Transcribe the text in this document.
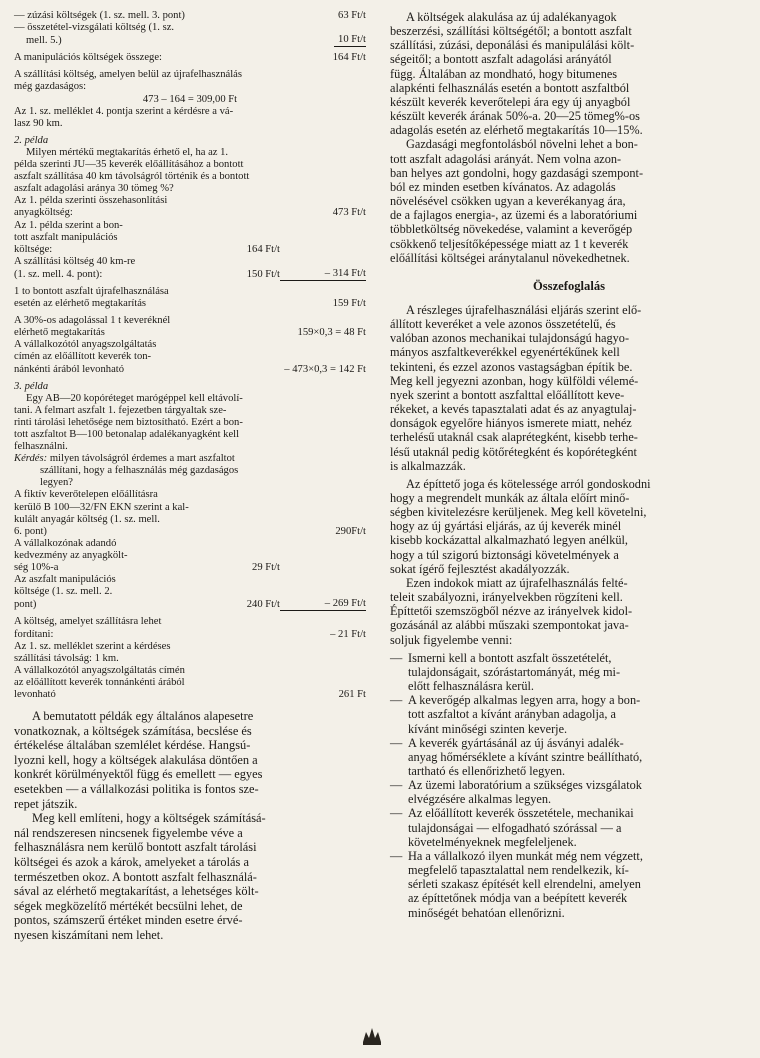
— zúzási költségek (1. sz. mell. 3. pont)	63 Ft/t
— összetétel-vizsgálati költség (1. sz.
mell. 5.)	10 Ft/t
A manipulációs költségek összege:	164 Ft/t
A szállítási költség, amelyen belül az újrafelhasználás
még gazdaságos:
473 – 164 = 309,00 Ft
Az 1. sz. melléklet 4. pontja szerint a kérdésre a vá-
lasz 90 km.
2. példa
Milyen mértékű megtakarítás érhető el, ha az 1.
példa szerinti JU—35 keverék előállításához a bontott
aszfalt szállítása 40 km távolságról történik és a bontott
aszfalt adagolási aránya 30 tömeg %?
Az 1. példa szerinti összehasonlítási
anyagköltség:	473 Ft/t
Az 1. példa szerint a bon-
tott aszfalt manipulációs
költsége:	164 Ft/t
A szállítási költség 40 km-re
(1. sz. mell. 4. pont):	150 Ft/t	– 314 Ft/t
1 to bontott aszfalt újrafelhasználása
esetén az elérhető megtakarítás	159 Ft/t
A 30%-os adagolással 1 t keveréknél
elérhető megtakarítás	159×0,3 = 48 Ft
A vállalkozótól anyagszolgáltatás
címén az előállított keverék ton-
nánkénti árából levonható	– 473×0,3 = 142 Ft
3. példa
Egy AB—20 kopóréteget marógéppel kell eltávolí-
tani. A felmart aszfalt 1. fejezetben tárgyaltak sze-
rinti tárolási lehetősége nem biztosítható. Ezért a bon-
tott aszfaltot B—100 betonalap adalékanyagként kell
felhasználni.
Kérdés: milyen távolságról érdemes a mart aszfaltot
szállítani, hogy a felhasználás még gazdaságos
legyen?
A fiktív keverőtelepen előállításra
kerülő B 100—32/FN ÉKN szerint a kal-
kulált anyagár költség (1. sz. mell.
6. pont)	290Ft/t
A vállalkozónak adandó
kedvezmény az anyagkölt-
ség 10%-a	29 Ft/t
Az aszfalt manipulációs
költsége (1. sz. mell. 2.
pont)	240 Ft/t	– 269 Ft/t
A költség, amelyet szállításra lehet
fordítani:	– 21 Ft/t
Az 1. sz. melléklet szerint a kérdéses
szállítási távolság: 1 km.
A vállalkozótól anyagszolgáltatás címén
az előállított keverék tonnánkénti árából
levonható	261 Ft
A bemutatott példák egy általános alapesetre
vonatkoznak, a költségek számítása, becslése és
értékelése általában szemlélet kérdése. Hangsú-
lyozni kell, hogy a költségek alakulása döntően a
konkrét körülményektől függ és emellett — egyes
esetekben — a vállalkozási politika is fontos sze-
repet játszik.
Meg kell említeni, hogy a költségek számításá-
nál rendszeresen nincsenek figyelembe véve a
felhasználásra nem kerülő bontott aszfalt tárolási
költségei és azok a károk, amelyeket a tárolás a
természetben okoz. A bontott aszfalt felhasználá-
sával az elérhető megtakarítást, a lehetséges költ-
ségek megközelítő mértékét becsülni lehet, de
pontos, számszerű értéket minden esetre érvé-
nyesen kiszámítani nem lehet.
A költségek alakulása az új adalékanyagok
beszerzési, szállítási költségétől; a bontott aszfalt
szállítási, zúzási, deponálási és manipulálási költ-
ségeitől; a bontott aszfalt adagolási arányától
függ. Általában az mondható, hogy bitumenes
alapkénti felhasználás esetén a bontott aszfaltból
készült keverék keverőtelepi ára egy új anyagból
készült keverék árának 50%-a. 20—25 tömeg%-os
adagolás esetén az elérhető megtakarítás 10—15%.
Gazdasági megfontolásból növelni lehet a bon-
tott aszfalt adagolási arányát. Nem volna azon-
ban helyes azt gondolni, hogy gazdasági szempont-
ból ez minden esetben kívánatos. Az adagolás
növelésével csökken ugyan a keverékanyag ára,
de a fajlagos energia-, az üzemi és a laboratóriumi
többletköltség növekedése, valamint a keverőgép
csökkenő teljesítőképessége miatt az 1 t keverék
előállítási költségei aránytalanul növekedhetnek.
Összefoglalás
A részleges újrafelhasználási eljárás szerint elő-
állított keveréket a vele azonos összetételű, és
valóban azonos mechanikai tulajdonságú hagyo-
mányos aszfaltkeverékkel egyenértékűnek kell
tekinteni, és ezzel azonos vastagságban építik be.
Meg kell jegyezni azonban, hogy külföldi vélemé-
nyek szerint a bontott aszfalttal előállított keve-
rékeket, a kevés tapasztalati adat és az anyagtulaj-
donságok egyelőre hiányos ismerete miatt, nehéz
terhelésű utaknál csak alaprétegként, kisebb terhe-
lésű utaknál pedig kötőrétegként és kopórétegként
is alkalmazzák.
Az építtető joga és kötelessége arról gondoskodni
hogy a megrendelt munkák az általa előírt minő-
ségben kivitelezésre kerüljenek. Meg kell követelni,
hogy az új gyártási eljárás, az új keverék minél
kisebb kockázattal alkalmazható legyen anélkül,
hogy a túl szigorú biztonsági követelmények a
sokat ígérő fejlesztést akadályozzák.
Ezen indokok miatt az újrafelhasználás felté-
teleit szabályozni, irányelvekben rögzíteni kell.
Építtetői szemszögből nézve az irányelvek kidol-
gozásánál az alábbi műszaki szempontokat java-
soljuk figyelembe venni:
— Ismerni kell a bontott aszfalt összetételét,
tulajdonságait, szórástartományát, még mi-
előtt felhasználásra kerül.
— A keverőgép alkalmas legyen arra, hogy a bon-
tott aszfaltot a kívánt arányban adagolja, a
kívánt minőségi szinten keverje.
— A keverék gyártásánál az új ásványi adalék-
anyag hőmérséklete a kívánt szintre beállítható,
tartható és ellenőrizhető legyen.
— Az üzemi laboratórium a szükséges vizsgálatok
elvégzésére alkalmas legyen.
— Az előállított keverék összetétele, mechanikai
tulajdonságai — elfogadható szórással — a
követelményeknek megfeleljenek.
— Ha a vállalkozó ilyen munkát még nem végzett,
megfelelő tapasztalattal nem rendelkezik, kí-
sérleti szakasz építését kell elrendelni, amelyen
az építtetőnek módja van a beépített keverék
minőségét behatóan ellenőrizni.
